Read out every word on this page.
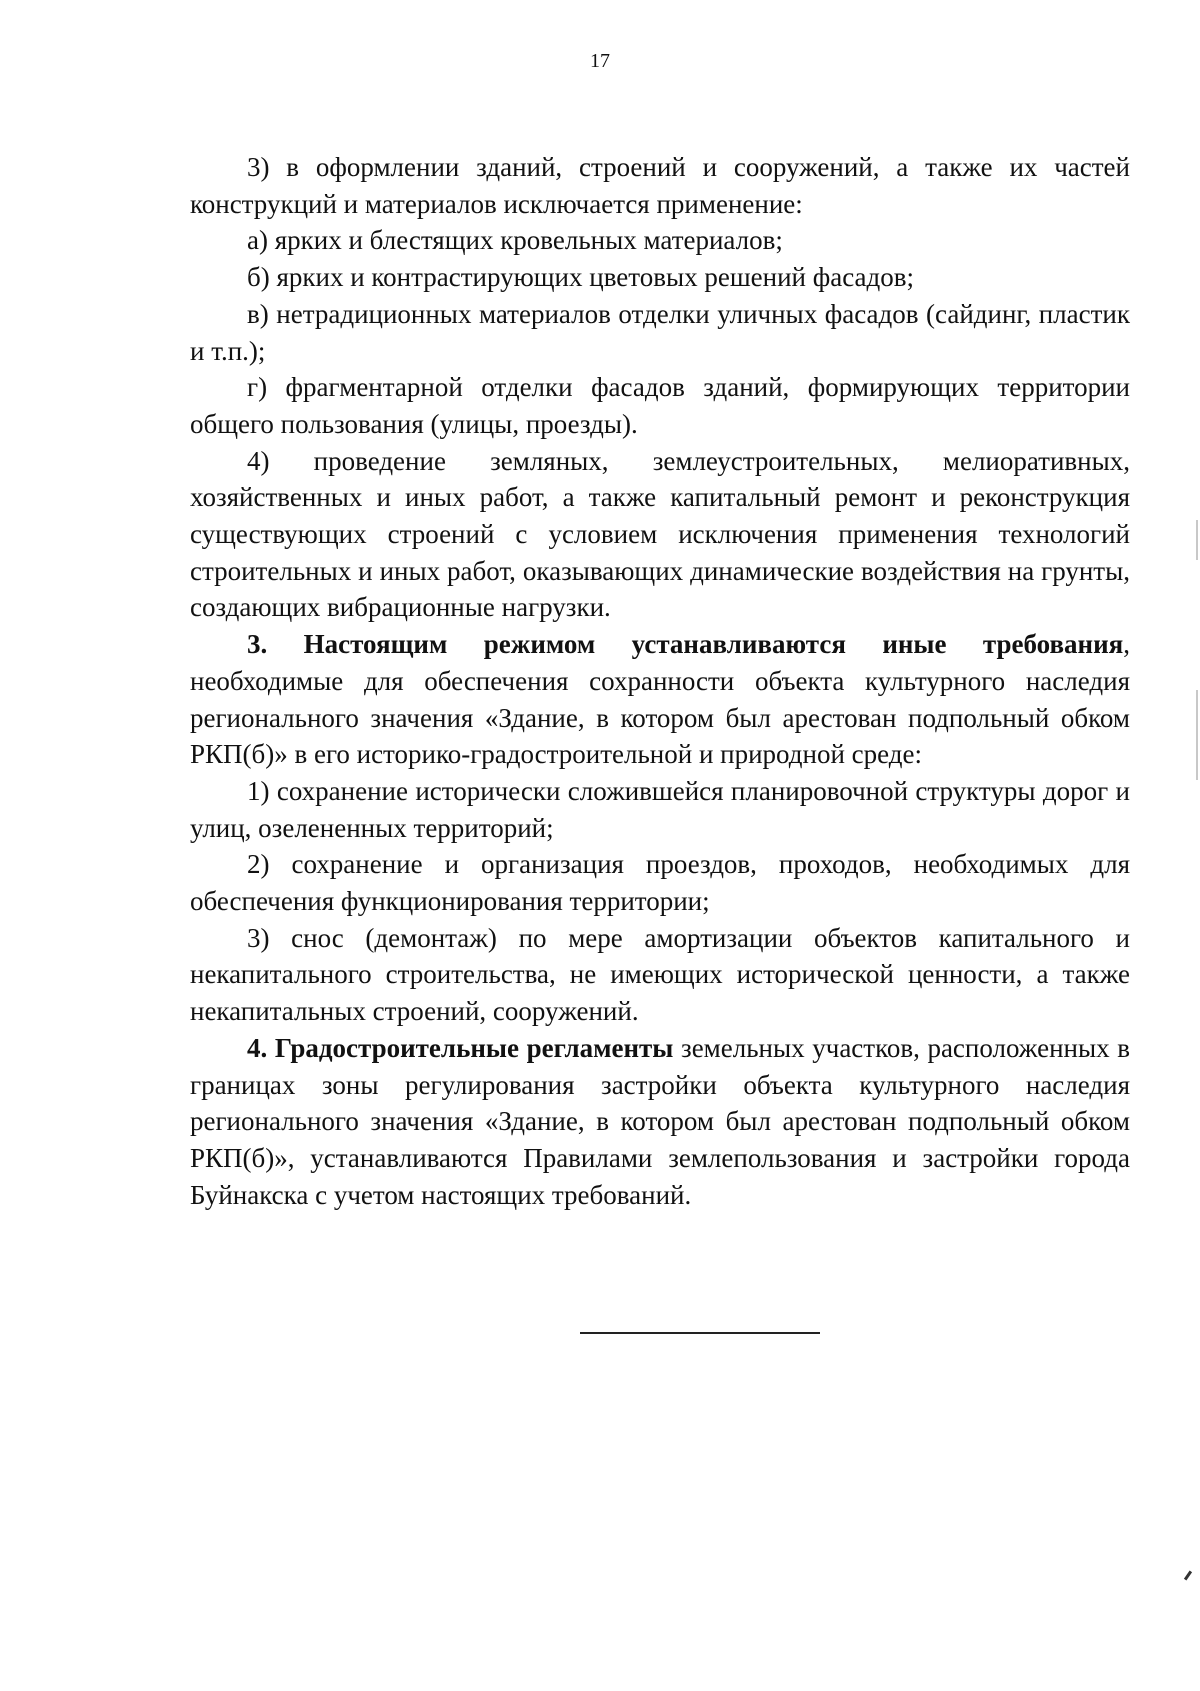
17

3) в оформлении зданий, строений и сооружений, а также их частей конструкций и материалов исключается применение:

а) ярких и блестящих кровельных материалов;

б) ярких и контрастирующих цветовых решений фасадов;

в) нетрадиционных материалов отделки уличных фасадов (сайдинг, пластик и т.п.);

г) фрагментарной отделки фасадов зданий, формирующих территории общего пользования (улицы, проезды).

4) проведение земляных, землеустроительных, мелиоративных, хозяйственных и иных работ, а также капитальный ремонт и реконструкция существующих строений с условием исключения применения технологий строительных и иных работ, оказывающих динамические воздействия на грунты, создающих вибрационные нагрузки.

3. Настоящим режимом устанавливаются иные требования, необходимые для обеспечения сохранности объекта культурного наследия регионального значения «Здание, в котором был арестован подпольный обком РКП(б)» в его историко-градостроительной и природной среде:

1) сохранение исторически сложившейся планировочной структуры дорог и улиц, озелененных территорий;

2) сохранение и организация проездов, проходов, необходимых для обеспечения функционирования территории;

3) снос (демонтаж) по мере амортизации объектов капитального и некапитального строительства, не имеющих исторической ценности, а также некапитальных строений, сооружений.

4. Градостроительные регламенты земельных участков, расположенных в границах зоны регулирования застройки объекта культурного наследия регионального значения «Здание, в котором был арестован подпольный обком РКП(б)», устанавливаются Правилами землепользования и застройки города Буйнакска с учетом настоящих требований.
